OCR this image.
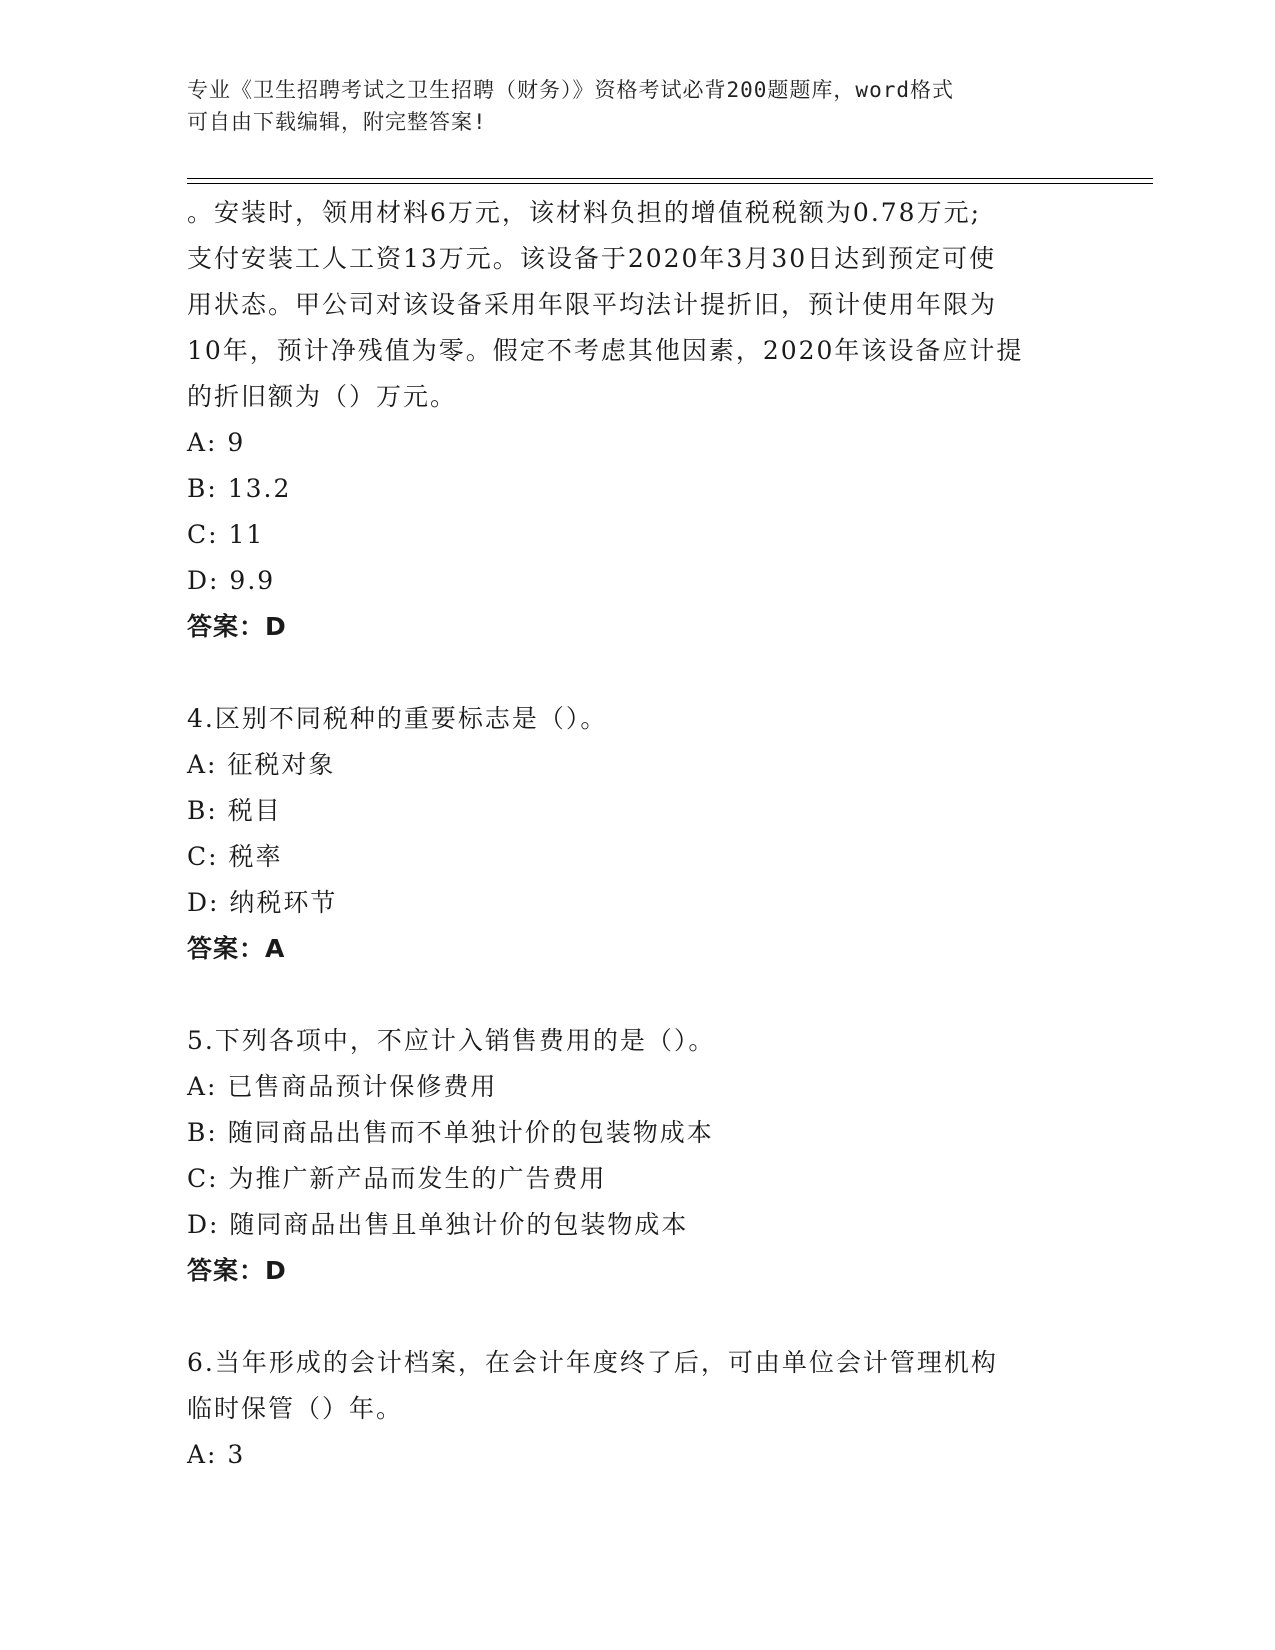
专业《卫生招聘考试之卫生招聘（财务）》资格考试必背200题题库，word格式
可自由下载编辑，附完整答案!
。安装时，领用材料6万元，该材料负担的增值税税额为0.78万元;
支付安装工人工资13万元。该设备于2020年3月30日达到预定可使
用状态。甲公司对该设备采用年限平均法计提折旧，预计使用年限为
10年，预计净残值为零。假定不考虑其他因素，2020年该设备应计提
的折旧额为（）万元。
A: 9
B: 13.2
C: 11
D: 9.9
答案：D
4.区别不同税种的重要标志是（）。
A: 征税对象
B: 税目
C: 税率
D: 纳税环节
答案：A
5.下列各项中，不应计入销售费用的是（）。
A: 已售商品预计保修费用
B: 随同商品出售而不单独计价的包装物成本
C: 为推广新产品而发生的广告费用
D: 随同商品出售且单独计价的包装物成本
答案：D
6.当年形成的会计档案，在会计年度终了后，可由单位会计管理机构
临时保管（）年。
A: 3
